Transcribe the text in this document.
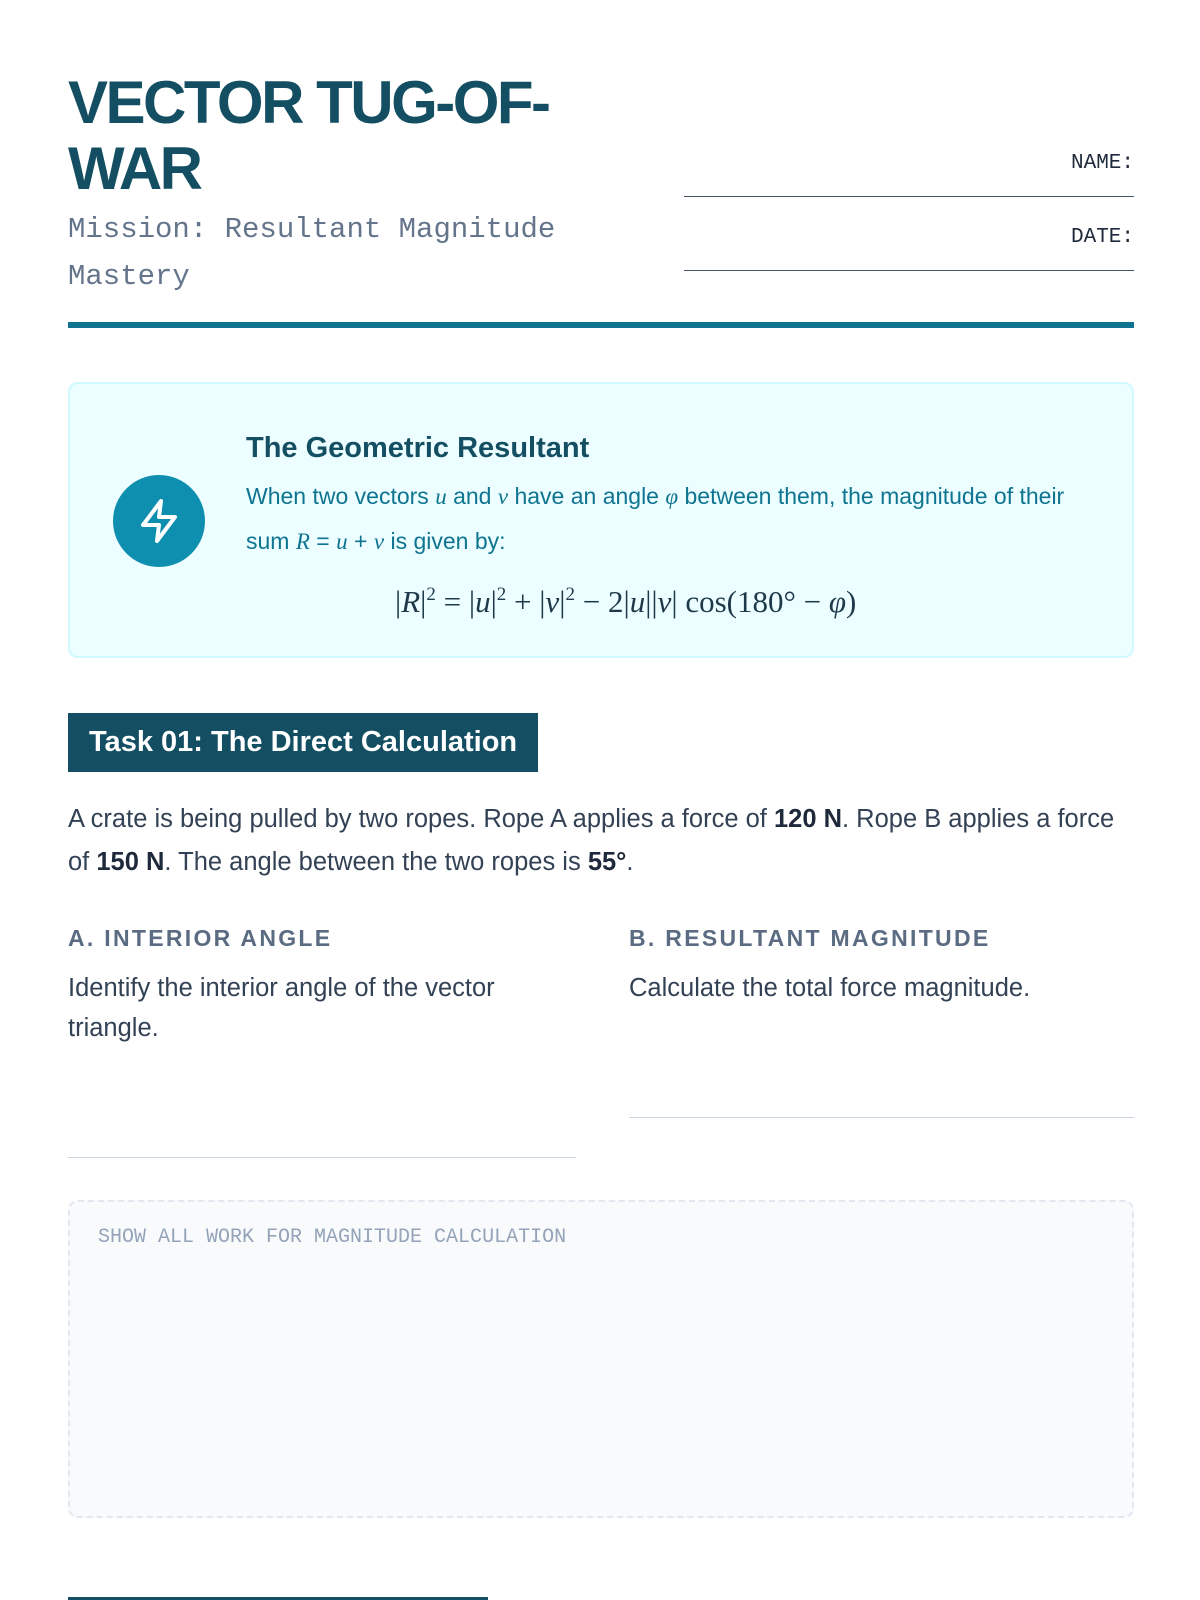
VECTOR TUG-OF-WAR
Mission: Resultant Magnitude Mastery
NAME:
DATE:
The Geometric Resultant

When two vectors u and v have an angle φ between them, the magnitude of their sum R = u + v is given by:

$|R|^2 = |u|^2 + |v|^2 - 2|u||v|$ cos(180° − φ)
Task 01: The Direct Calculation

A crate is being pulled by two ropes. Rope A applies a force of 120 N. Rope B applies a force of 150 N. The angle between the two ropes is 55°.

A. INTERIOR ANGLE
Identify the interior angle of the vector triangle.
B. RESULTANT MAGNITUDE
Calculate the total force magnitude.
SHOW ALL WORK FOR MAGNITUDE CALCULATION
